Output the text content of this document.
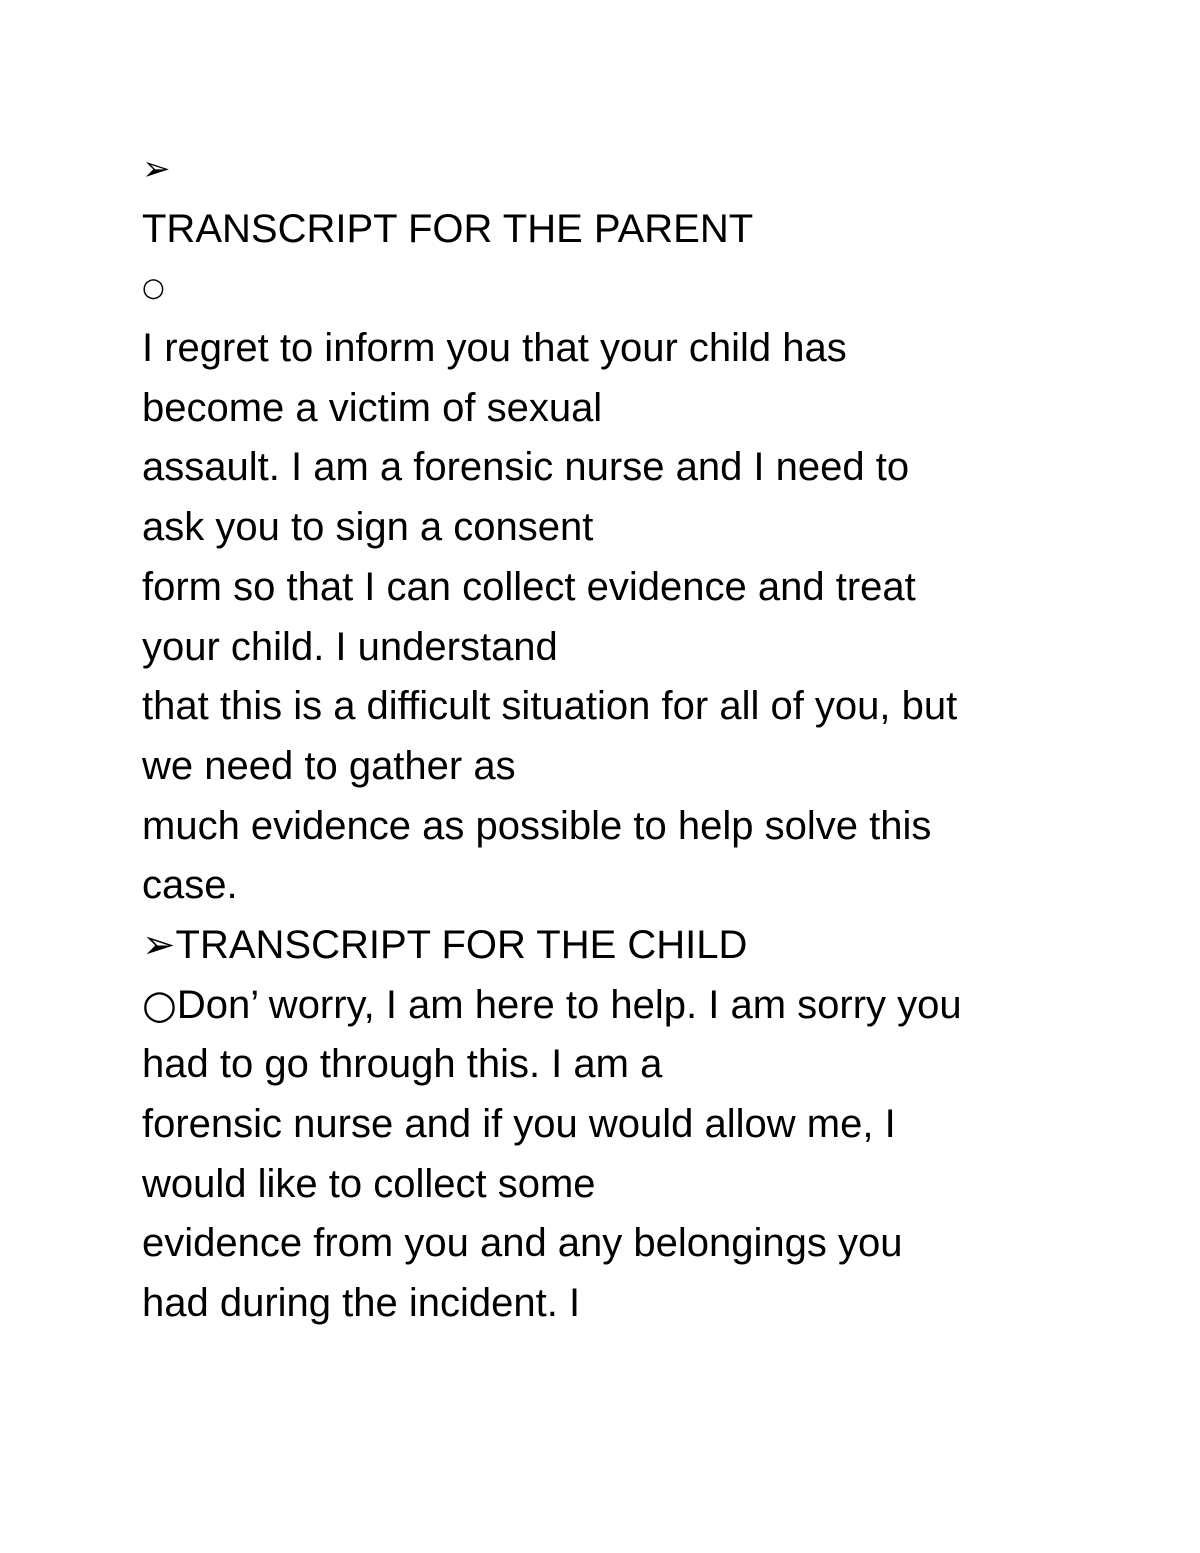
➢
TRANSCRIPT FOR THE PARENT
○
I regret to inform you that your child has
become a victim of sexual
assault. I am a forensic nurse and I need to
ask you to sign a consent
form so that I can collect evidence and treat
your child. I understand
that this is a difficult situation for all of you, but
we need to gather as
much evidence as possible to help solve this
case.
➢TRANSCRIPT FOR THE CHILD
○Don’ worry, I am here to help. I am sorry you
had to go through this. I am a
forensic nurse and if you would allow me, I
would like to collect some
evidence from you and any belongings you
had during the incident. I
